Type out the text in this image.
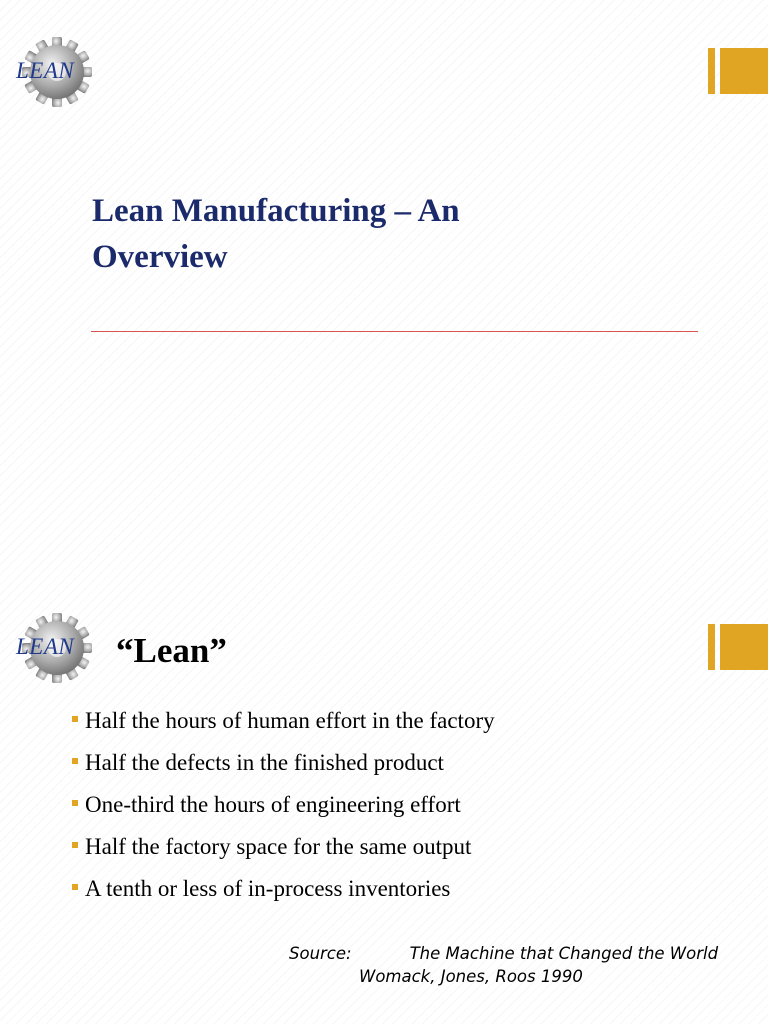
LEAN
Lean Manufacturing – An
Overview
LEAN	“Lean”
Half the hours of human effort in the factory
Half the defects in the finished product
One-third the hours of engineering effort
Half the factory space for the same output
A tenth or less of in-process inventories
Source:	The Machine that Changed the World
Womack, Jones, Roos 1990
